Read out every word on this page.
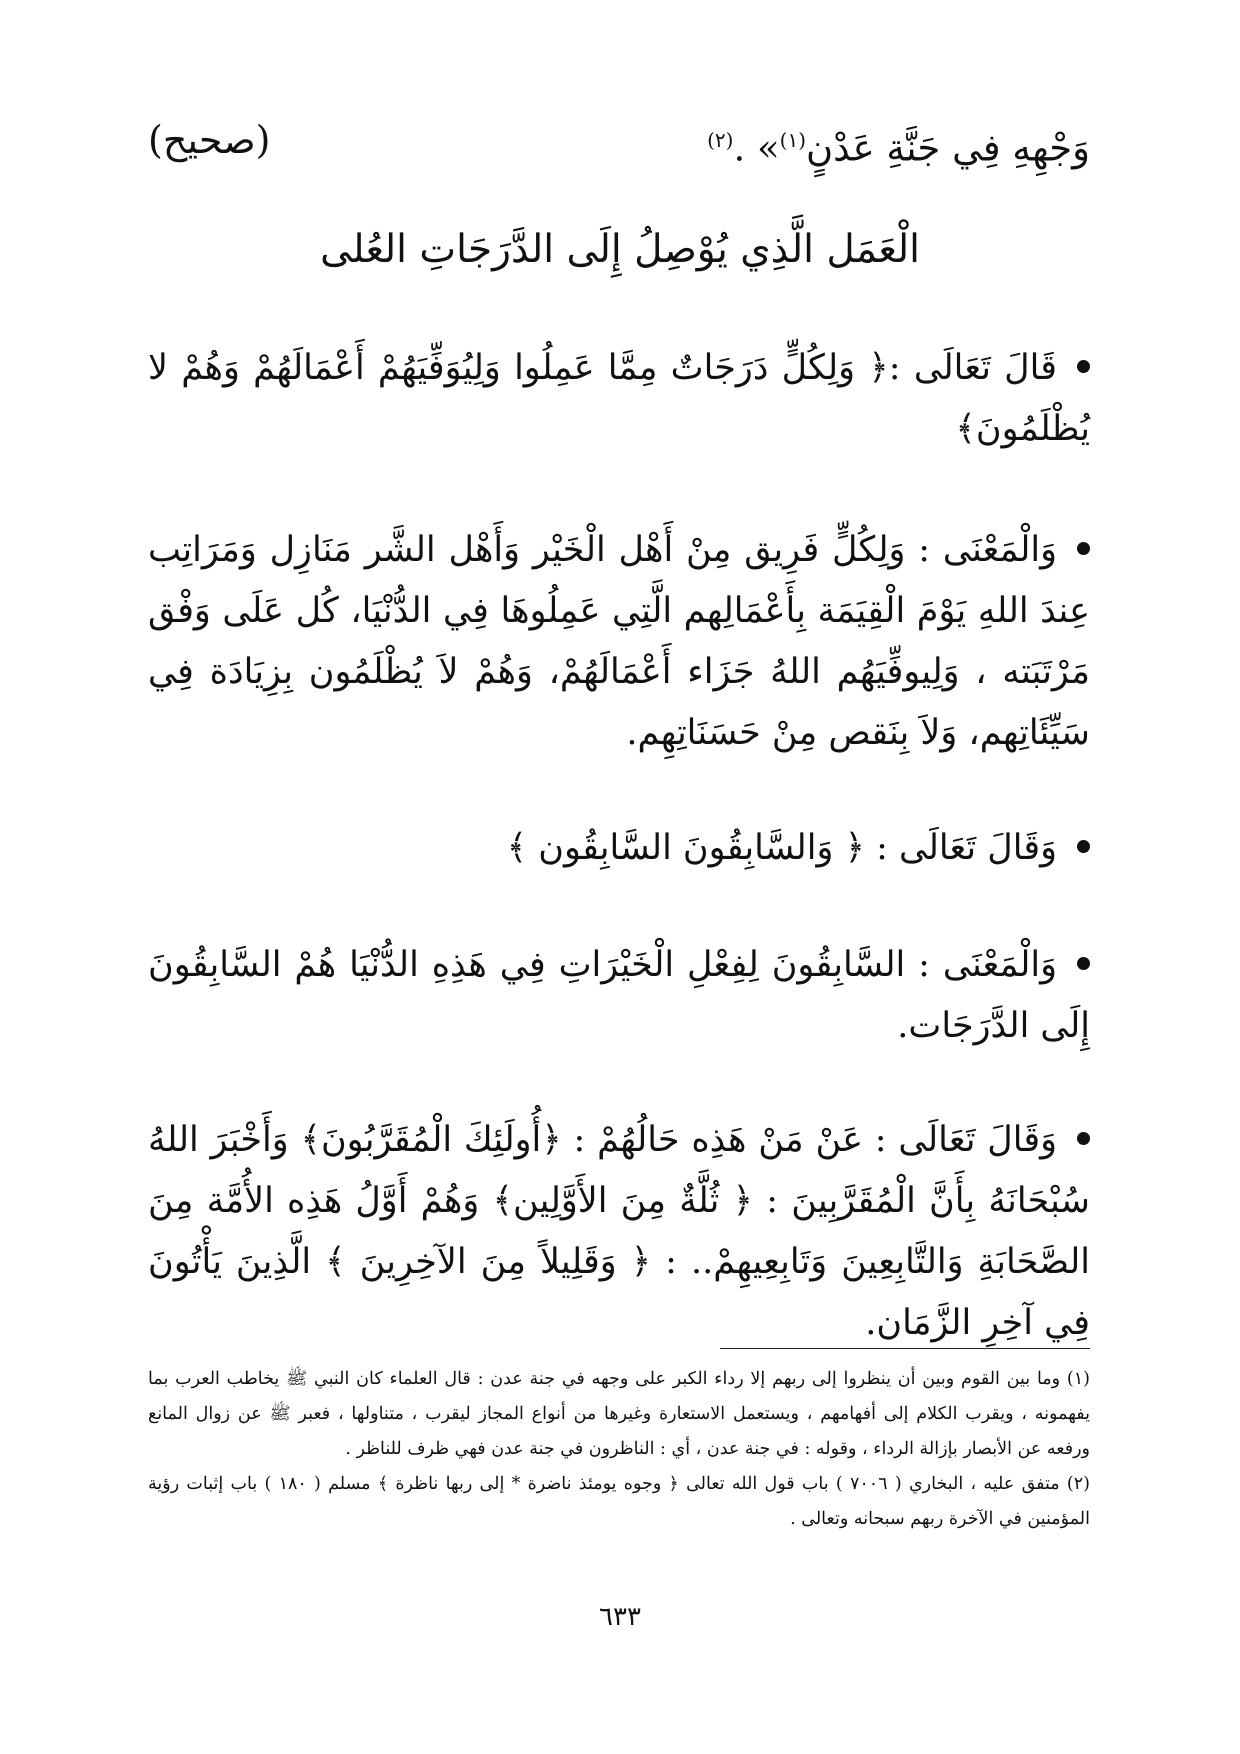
وَجْهِهِ فِي جَنَّةِ عَدْنٍ$^{(١)}$» .$^{(٢)}$
(صحيح)
الْعَمَل الَّذِي يُوْصِلُ إِلَى الدَّرَجَاتِ العُلى
قَالَ تَعَالَى :﴿ وَلِكُلٍّ دَرَجَاتٌ مِمَّا عَمِلُوا وَلِيُوَفِّيَهُمْ أَعْمَالَهُمْ وَهُمْ لا يُظْلَمُونَ﴾
وَالْمَعْنَى : وَلِكُلٍّ فَرِيق مِنْ أَهْل الْخَيْر وَأَهْل الشَّر مَنَازِل وَمَرَاتِب عِندَ اللهِ يَوْمَ الْقِيَمَة بِأَعْمَالِهم الَّتِي عَمِلُوهَا فِي الدُّنْيَا، كُل عَلَى وَفْق مَرْتَبَته ، وَلِيوفِّيَهُم اللهُ جَزَاء أَعْمَالَهُمْ، وَهُمْ لاَ يُظْلَمُون بِزِيَادَة فِي سَيِّئَاتِهم، وَلاَ بِنَقص مِنْ حَسَنَاتِهِم.
وَقَالَ تَعَالَى : ﴿ وَالسَّابِقُونَ السَّابِقُون ﴾
وَالْمَعْنَى : السَّابِقُونَ لِفِعْلِ الْخَيْرَاتِ فِي هَذِهِ الدُّنْيَا هُمْ السَّابِقُونَ إِلَى الدَّرَجَات.
وَقَالَ تَعَالَى : عَنْ مَنْ هَذِه حَالُهُمْ : ﴿أُولَئِكَ الْمُقَرَّبُونَ﴾ وَأَخْبَرَ اللهُ سُبْحَانَهُ بِأَنَّ الْمُقَرَّبِينَ : ﴿ ثُلَّةٌ مِنَ الأَوَّلِين﴾ وَهُمْ أَوَّلُ هَذِه الأُمَّة مِنَ الصَّحَابَةِ وَالتَّابِعِينَ وَتَابِعِيهِمْ.. : ﴿ وَقَلِيلاً مِنَ الآخِرِينَ ﴾ الَّذِينَ يَأْتُونَ فِي آخِرِ الزَّمَان.
(١) وما بين القوم وبين أن ينظروا إلى ربهم إلا رداء الكبر على وجهه في جنة عدن : قال العلماء كان النبي ﷺ يخاطب العرب بما يفهمونه ، ويقرب الكلام إلى أفهامهم ، ويستعمل الاستعارة وغيرها من أنواع المجاز ليقرب ، متناولها ، فعبر ﷺ عن زوال المانع ورفعه عن الأبصار بإزالة الرداء ، وقوله : في جنة عدن ، أي : الناظرون في جنة عدن فهي ظرف للناظر .
(٢) متفق عليه ، البخاري ( ٧٠٠٦ ) باب قول الله تعالى ﴿ وجوه يومئذ ناضرة * إلى ربها ناظرة ﴾ مسلم ( ١٨٠ ) باب إثبات رؤية المؤمنين في الآخرة ربهم سبحانه وتعالى .
٦٣٣
